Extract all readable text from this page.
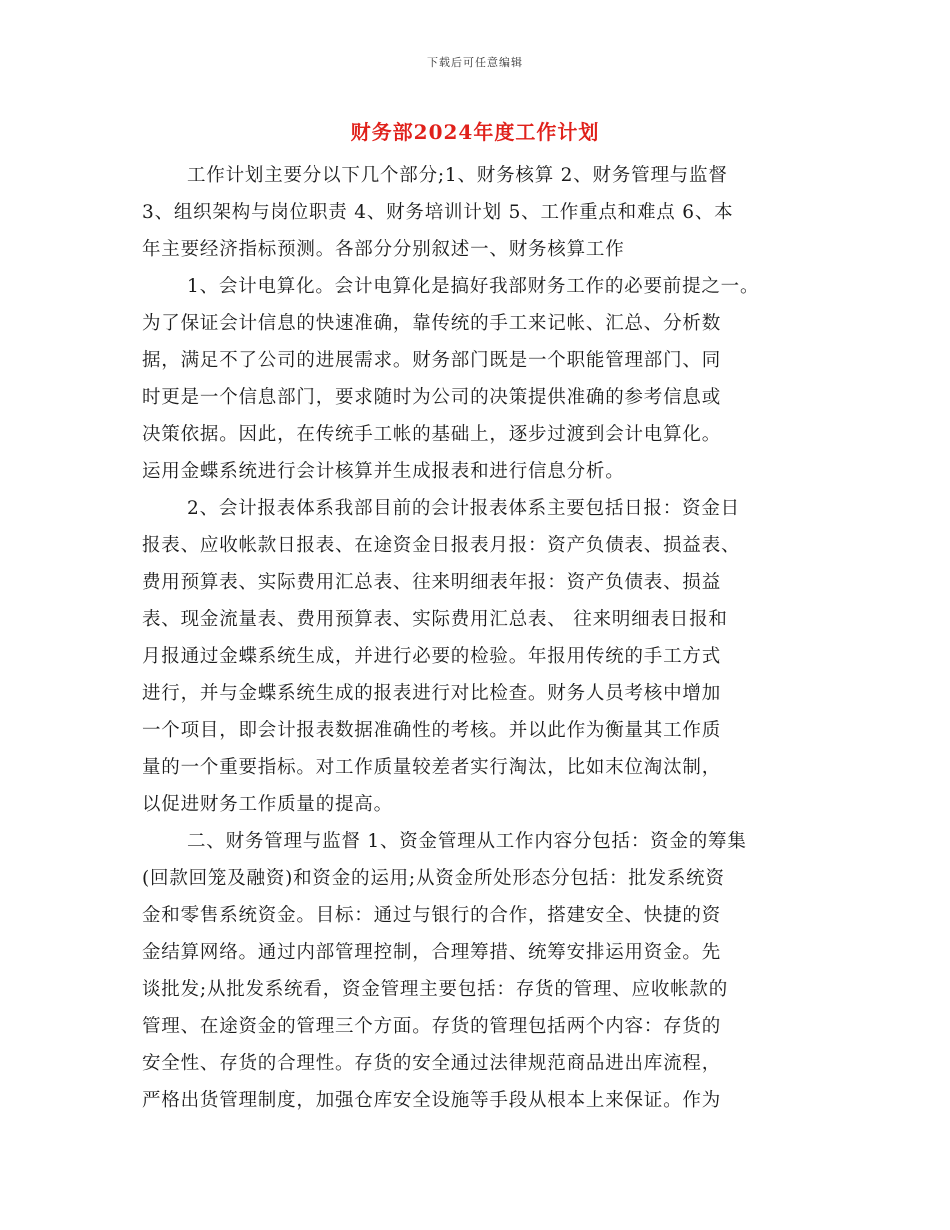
下载后可任意编辑
财务部2024年度工作计划
工作计划主要分以下几个部分;1、财务核算 2、财务管理与监督
3、组织架构与岗位职责 4、财务培训计划 5、工作重点和难点 6、本
年主要经济指标预测。各部分分别叙述一、财务核算工作
1、会计电算化。会计电算化是搞好我部财务工作的必要前提之一。
为了保证会计信息的快速准确，靠传统的手工来记帐、汇总、分析数
据，满足不了公司的进展需求。财务部门既是一个职能管理部门、同
时更是一个信息部门，要求随时为公司的决策提供准确的参考信息或
决策依据。因此，在传统手工帐的基础上，逐步过渡到会计电算化。
运用金蝶系统进行会计核算并生成报表和进行信息分析。
2、会计报表体系我部目前的会计报表体系主要包括日报：资金日
报表、应收帐款日报表、在途资金日报表月报：资产负债表、损益表、
费用预算表、实际费用汇总表、往来明细表年报：资产负债表、损益
表、现金流量表、费用预算表、实际费用汇总表、 往来明细表日报和
月报通过金蝶系统生成，并进行必要的检验。年报用传统的手工方式
进行，并与金蝶系统生成的报表进行对比检查。财务人员考核中增加
一个项目，即会计报表数据准确性的考核。并以此作为衡量其工作质
量的一个重要指标。对工作质量较差者实行淘汰，比如末位淘汰制，
以促进财务工作质量的提高。
二、财务管理与监督 1、资金管理从工作内容分包括：资金的筹集
(回款回笼及融资)和资金的运用;从资金所处形态分包括：批发系统资
金和零售系统资金。目标：通过与银行的合作，搭建安全、快捷的资
金结算网络。通过内部管理控制，合理筹措、统筹安排运用资金。先
谈批发;从批发系统看，资金管理主要包括：存货的管理、应收帐款的
管理、在途资金的管理三个方面。存货的管理包括两个内容：存货的
安全性、存货的合理性。存货的安全通过法律规范商品进出库流程，
严格出货管理制度，加强仓库安全设施等手段从根本上来保证。作为
